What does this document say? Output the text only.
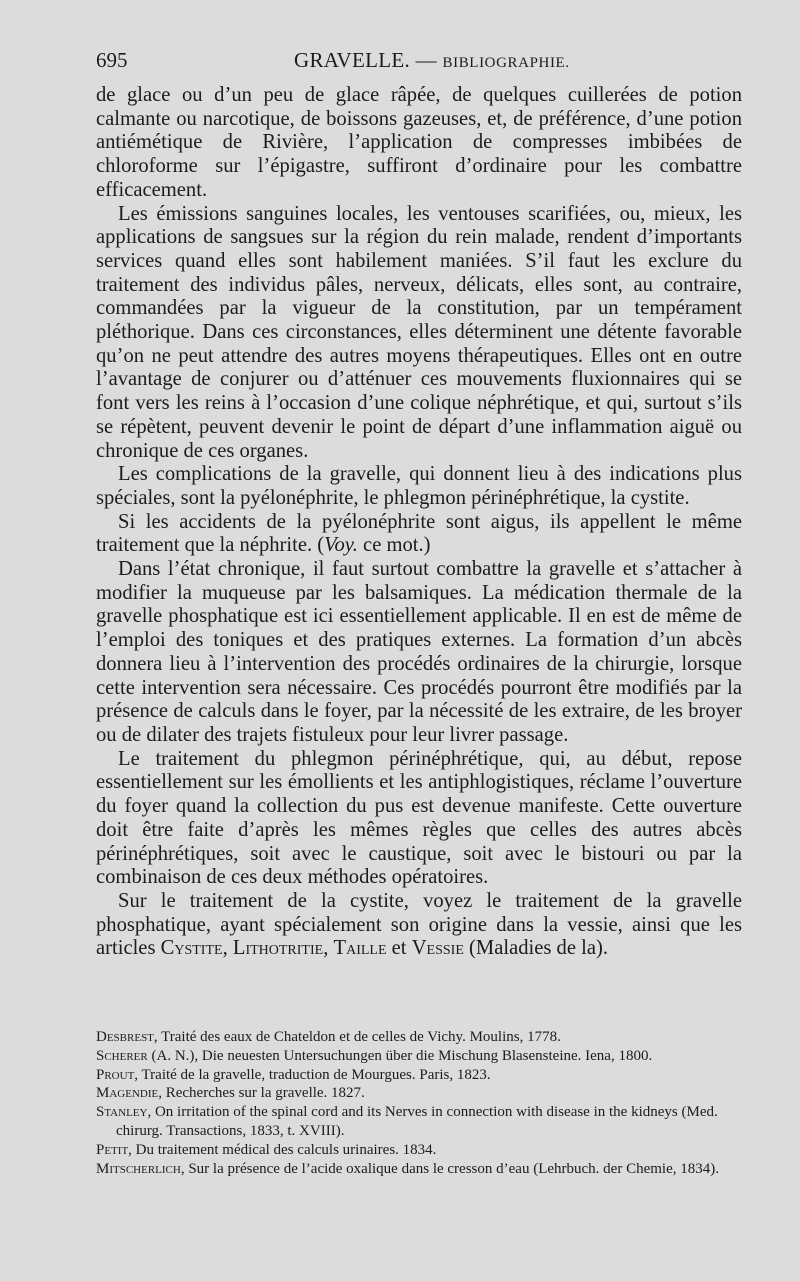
695	GRAVELLE. — BIBLIOGRAPHIE.

de glace ou d’un peu de glace râpée, de quelques cuillerées de potion calmante ou narcotique, de boissons gazeuses, et, de préférence, d’une potion antiémétique de Rivière, l’application de compresses imbibées de chloroforme sur l’épigastre, suffiront d’ordinaire pour les combattre efficacement.

Les émissions sanguines locales, les ventouses scarifiées, ou, mieux, les applications de sangsues sur la région du rein malade, rendent d’importants services quand elles sont habilement maniées. S’il faut les exclure du traitement des individus pâles, nerveux, délicats, elles sont, au contraire, commandées par la vigueur de la constitution, par un tempérament pléthorique. Dans ces circonstances, elles déterminent une détente favorable qu’on ne peut attendre des autres moyens thérapeutiques. Elles ont en outre l’avantage de conjurer ou d’atténuer ces mouvements fluxionnaires qui se font vers les reins à l’occasion d’une colique néphrétique, et qui, surtout s’ils se répètent, peuvent devenir le point de départ d’une inflammation aiguë ou chronique de ces organes.

Les complications de la gravelle, qui donnent lieu à des indications plus spéciales, sont la pyélonéphrite, le phlegmon périnéphrétique, la cystite.

Si les accidents de la pyélonéphrite sont aigus, ils appellent le même traitement que la néphrite. (Voy. ce mot.)

Dans l’état chronique, il faut surtout combattre la gravelle et s’attacher à modifier la muqueuse par les balsamiques. La médication thermale de la gravelle phosphatique est ici essentiellement applicable. Il en est de même de l’emploi des toniques et des pratiques externes. La formation d’un abcès donnera lieu à l’intervention des procédés ordinaires de la chirurgie, lorsque cette intervention sera nécessaire. Ces procédés pourront être modifiés par la présence de calculs dans le foyer, par la nécessité de les extraire, de les broyer ou de dilater des trajets fistuleux pour leur livrer passage.

Le traitement du phlegmon périnéphrétique, qui, au début, repose essentiellement sur les émollients et les antiphlogistiques, réclame l’ouverture du foyer quand la collection du pus est devenue manifeste. Cette ouverture doit être faite d’après les mêmes règles que celles des autres abcès périnéphrétiques, soit avec le caustique, soit avec le bistouri ou par la combinaison de ces deux méthodes opératoires.

Sur le traitement de la cystite, voyez le traitement de la gravelle phosphatique, ayant spécialement son origine dans la vessie, ainsi que les articles Cystite, Lithotritie, Taille et Vessie (Maladies de la).

Desbrest, Traité des eaux de Chateldon et de celles de Vichy. Moulins, 1778.

Scherer (A. N.), Die neuesten Untersuchungen über die Mischung Blasensteine. Iena, 1800.

Prout, Traité de la gravelle, traduction de Mourgues. Paris, 1823.

Magendie, Recherches sur la gravelle. 1827.

Stanley, On irritation of the spinal cord and its Nerves in connection with disease in the kidneys (Med. chirurg. Transactions, 1833, t. XVIII).

Petit, Du traitement médical des calculs urinaires. 1834.

Mitscherlich, Sur la présence de l’acide oxalique dans le cresson d’eau (Lehrbuch. der Chemie, 1834).
